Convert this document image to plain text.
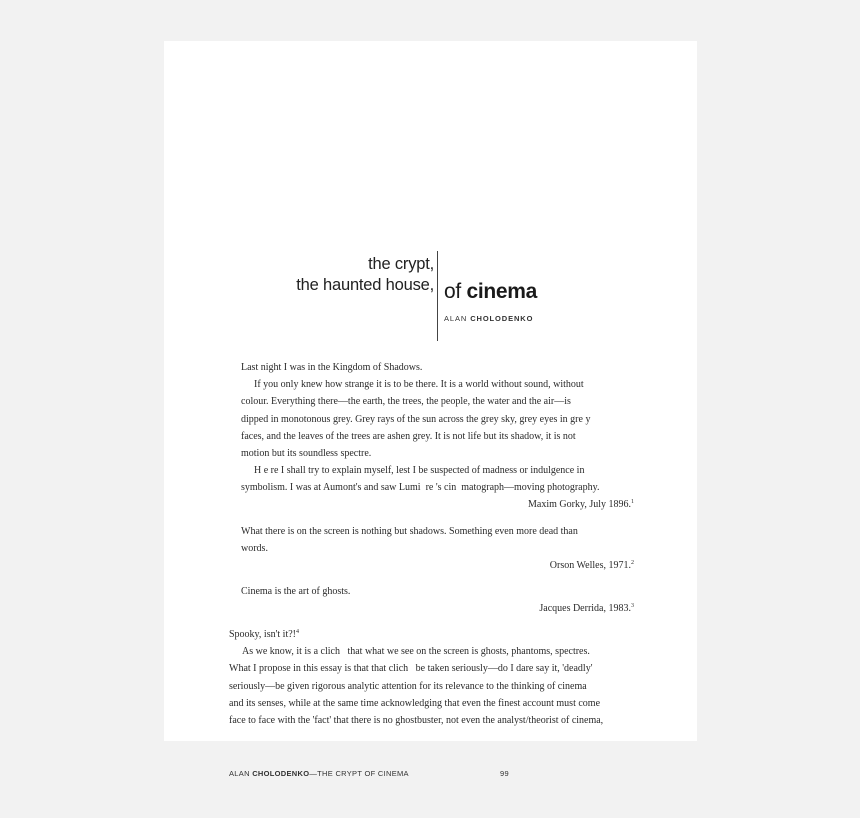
the crypt,
the haunted house, of cinema
ALAN CHOLODENKO
Last night I was in the Kingdom of Shadows.
If you only knew how strange it is to be there. It is a world without sound, without
colour. Everything there—the earth, the trees, the people, the water and the air—is
dipped in monotonous grey. Grey rays of the sun across the grey sky, grey eyes in gre y
faces, and the leaves of the trees are ashen grey. It is not life but its shadow, it is not
motion but its soundless spectre.
H e re I shall try to explain myself, lest I be suspected of madness or indulgence in
symbolism. I was at Aumont's and saw Lumi  re 's cin  matograph—moving photography.
Maxim Gorky, July 1896.$^1$
What there is on the screen is nothing but shadows. Something even more dead than
words.
Orson Welles, 1971.$^2$
Cinema is the art of ghosts.
Jacques Derrida, 1983.$^3$
Spooky, isn't it?!$^4$
As we know, it is a clich   that what we see on the screen is ghosts, phantoms, spectres.
What I propose in this essay is that that clich   be taken seriously—do I dare say it, 'deadly'
seriously—be given rigorous analytic attention for its relevance to the thinking of cinema
and its senses, while at the same time acknowledging that even the finest account must come
face to face with the 'fact' that there is no ghostbuster, not even the analyst/theorist of cinema,
ALAN CHOLODENKO—THE CRYPT OF CINEMA	99
